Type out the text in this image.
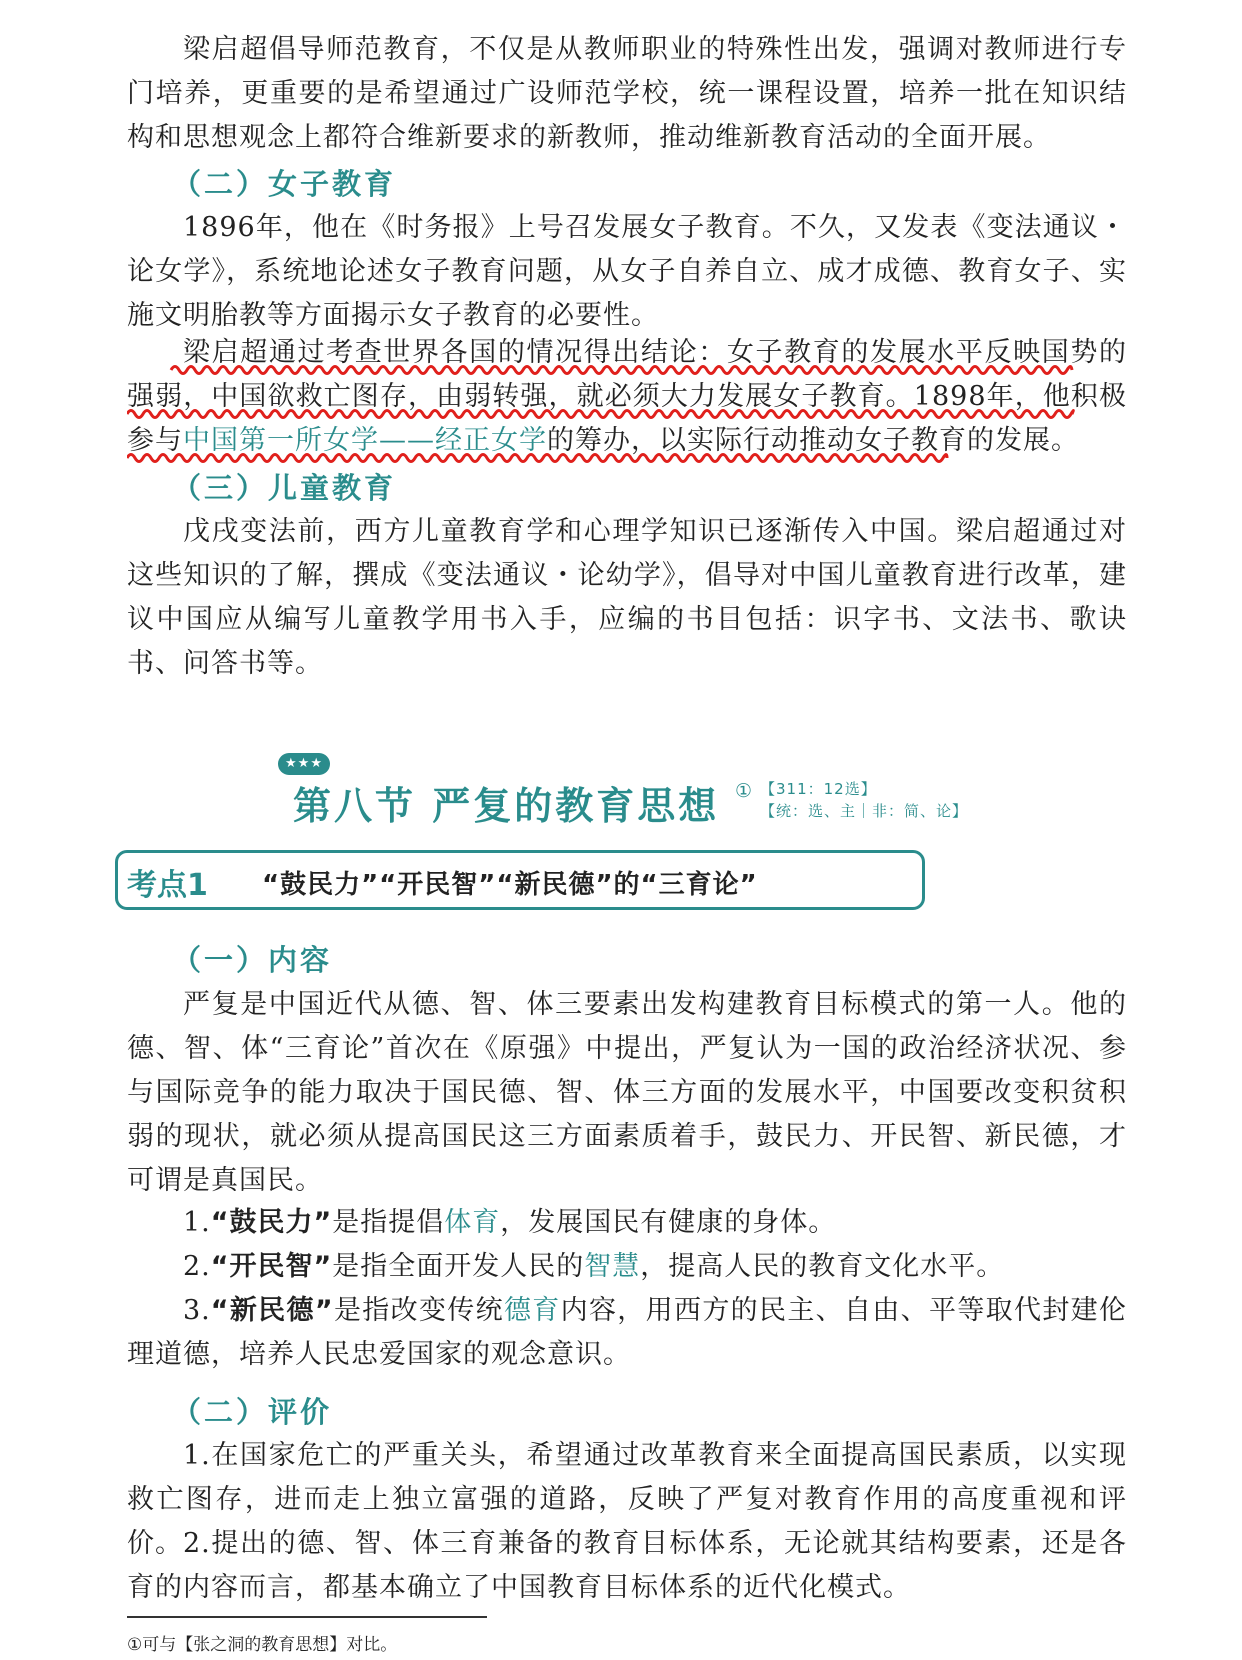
梁启超倡导师范教育，不仅是从教师职业的特殊性出发，强调对教师进行专门培养，更重要的是希望通过广设师范学校，统一课程设置，培养一批在知识结构和思想观念上都符合维新要求的新教师，推动维新教育活动的全面开展。

（二）女子教育

1896年，他在《时务报》上号召发展女子教育。不久，又发表《变法通议・论女学》，系统地论述女子教育问题，从女子自养自立、成才成德、教育女子、实施文明胎教等方面揭示女子教育的必要性。

梁启超通过考查世界各国的情况得出结论：女子教育的发展水平反映国势的强弱，中国欲救亡图存，由弱转强，就必须大力发展女子教育。1898年，他积极参与中国第一所女学——经正女学的筹办，以实际行动推动女子教育的发展。

（三）儿童教育

戊戌变法前，西方儿童教育学和心理学知识已逐渐传入中国。梁启超通过对这些知识的了解，撰成《变法通议・论幼学》，倡导对中国儿童教育进行改革，建议中国应从编写儿童教学用书入手，应编的书目包括：识字书、文法书、歌诀书、问答书等。

★★★
第八节 严复的教育思想 ① 【311：12选】
【统：选、主｜非：简、论】
考点1 “鼓民力”“开民智”“新民德”的“三育论”
（一）内容

严复是中国近代从德、智、体三要素出发构建教育目标模式的第一人。他的德、智、体“三育论”首次在《原强》中提出，严复认为一国的政治经济状况、参与国际竞争的能力取决于国民德、智、体三方面的发展水平，中国要改变积贫积弱的现状，就必须从提高国民这三方面素质着手，鼓民力、开民智、新民德，才可谓是真国民。

1.“鼓民力”是指提倡体育，发展国民有健康的身体。

2.“开民智”是指全面开发人民的智慧，提高人民的教育文化水平。

3.“新民德”是指改变传统德育内容，用西方的民主、自由、平等取代封建伦理道德，培养人民忠爱国家的观念意识。

（二）评价

1.在国家危亡的严重关头，希望通过改革教育来全面提高国民素质，以实现救亡图存，进而走上独立富强的道路，反映了严复对教育作用的高度重视和评价。 2.提出的德、智、体三育兼备的教育目标体系，无论就其结构要素，还是各育的内容而言，都基本确立了中国教育目标体系的近代化模式。

①可与【张之洞的教育思想】对比。
